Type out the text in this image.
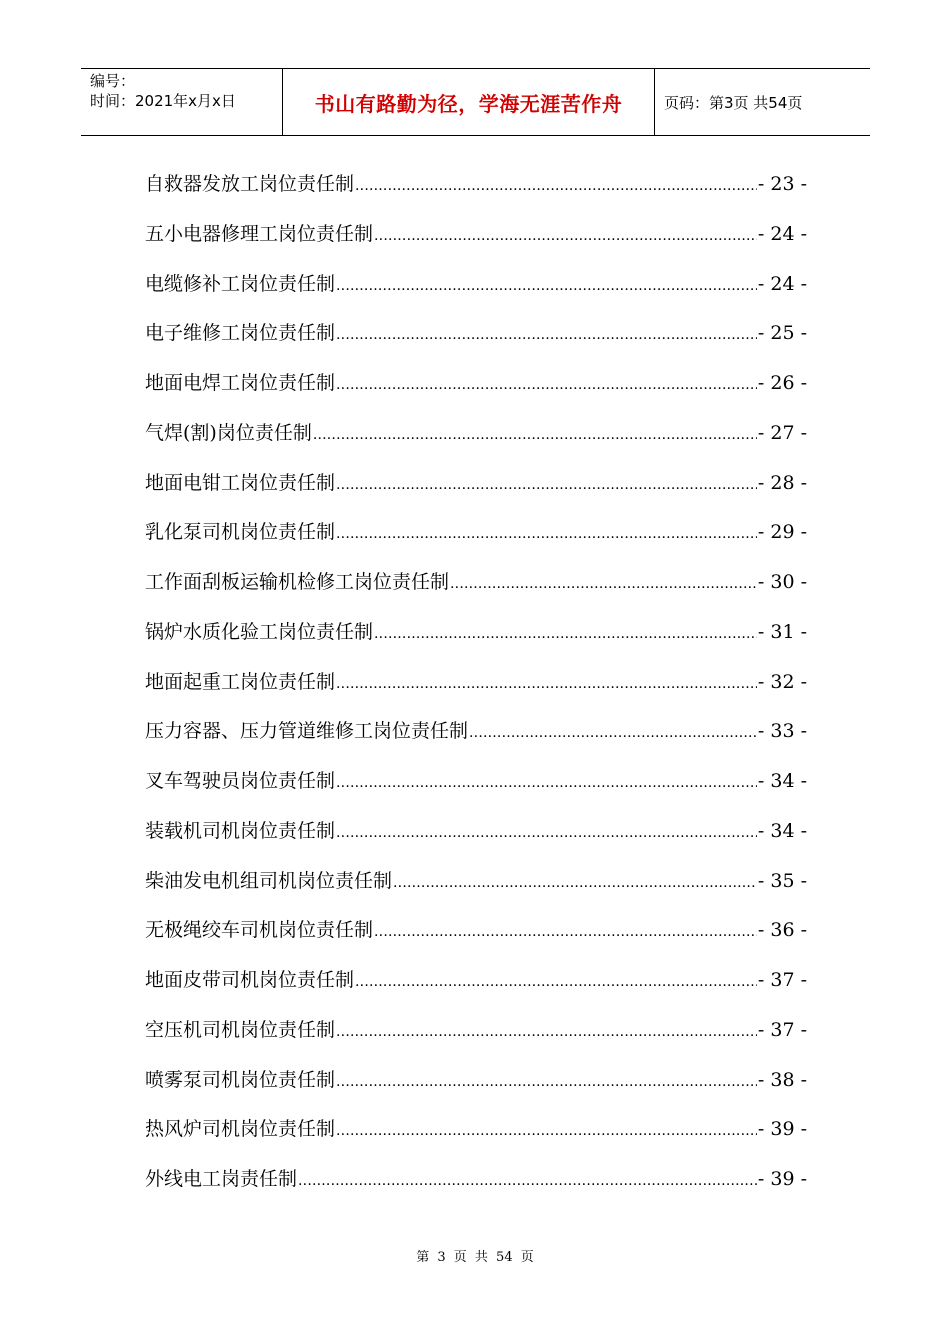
编号：
时间：2021年x月x日	书山有路勤为径，学海无涯苦作舟	页码：第3页 共54页
自救器发放工岗位责任制 .....	- 23 -
五小电器修理工岗位责任制 .....	- 24 -
电缆修补工岗位责任制 .....	- 24 -
电子维修工岗位责任制 .....	- 25 -
地面电焊工岗位责任制 .....	- 26 -
气焊(割)岗位责任制 .....	- 27 -
地面电钳工岗位责任制 .....	- 28 -
乳化泵司机岗位责任制 .....	- 29 -
工作面刮板运输机检修工岗位责任制 .....	- 30 -
锅炉水质化验工岗位责任制 .....	- 31 -
地面起重工岗位责任制 .....	- 32 -
压力容器、压力管道维修工岗位责任制 .....	- 33 -
叉车驾驶员岗位责任制 .....	- 34 -
装载机司机岗位责任制 .....	- 34 -
柴油发电机组司机岗位责任制 .....	- 35 -
无极绳绞车司机岗位责任制 .....	- 36 -
地面皮带司机岗位责任制 .....	- 37 -
空压机司机岗位责任制 .....	- 37 -
喷雾泵司机岗位责任制 .....	- 38 -
热风炉司机岗位责任制 .....	- 39 -
外线电工岗责任制 .....	- 39 -
第 3 页 共 54 页
